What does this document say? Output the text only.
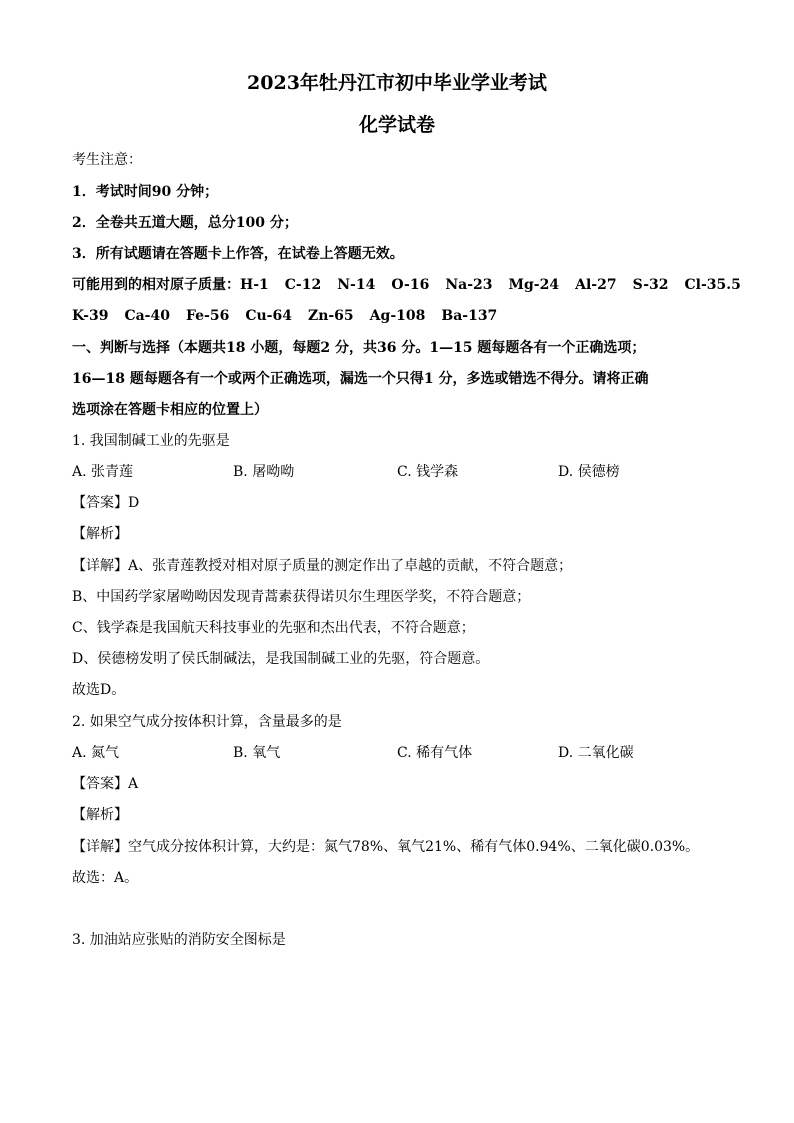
2023年牡丹江市初中毕业学业考试
化学试卷
考生注意：
1．考试时间90 分钟；
2．全卷共五道大题，总分100 分；
3．所有试题请在答题卡上作答，在试卷上答题无效。
可能用到的相对原子质量：H-1 C-12 N-14 O-16 Na-23 Mg-24 Al-27 S-32 Cl-35.5
K-39 Ca-40 Fe-56 Cu-64 Zn-65 Ag-108 Ba-137
一、判断与选择（本题共18 小题，每题2 分，共36 分。1—15 题每题各有一个正确选项；
16—18 题每题各有一个或两个正确选项，漏选一个只得1 分，多选或错选不得分。请将正确
选项涂在答题卡相应的位置上）
1. 我国制碱工业的先驱是
A. 张青莲	B. 屠呦呦	C. 钱学森	D. 侯德榜
【答案】D
【解析】
【详解】A、张青莲教授对相对原子质量的测定作出了卓越的贡献，不符合题意；
B、中国药学家屠呦呦因发现青蒿素获得诺贝尔生理医学奖，不符合题意；
C、钱学森是我国航天科技事业的先驱和杰出代表，不符合题意；
D、侯德榜发明了侯氏制碱法，是我国制碱工业的先驱，符合题意。
故选D。
2. 如果空气成分按体积计算，含量最多的是
A. 氮气	B. 氧气	C. 稀有气体	D. 二氧化碳
【答案】A
【解析】
【详解】空气成分按体积计算，大约是：氮气78%、氧气21%、稀有气体0.94%、二氧化碳0.03%。
故选：A。
3. 加油站应张贴的消防安全图标是
